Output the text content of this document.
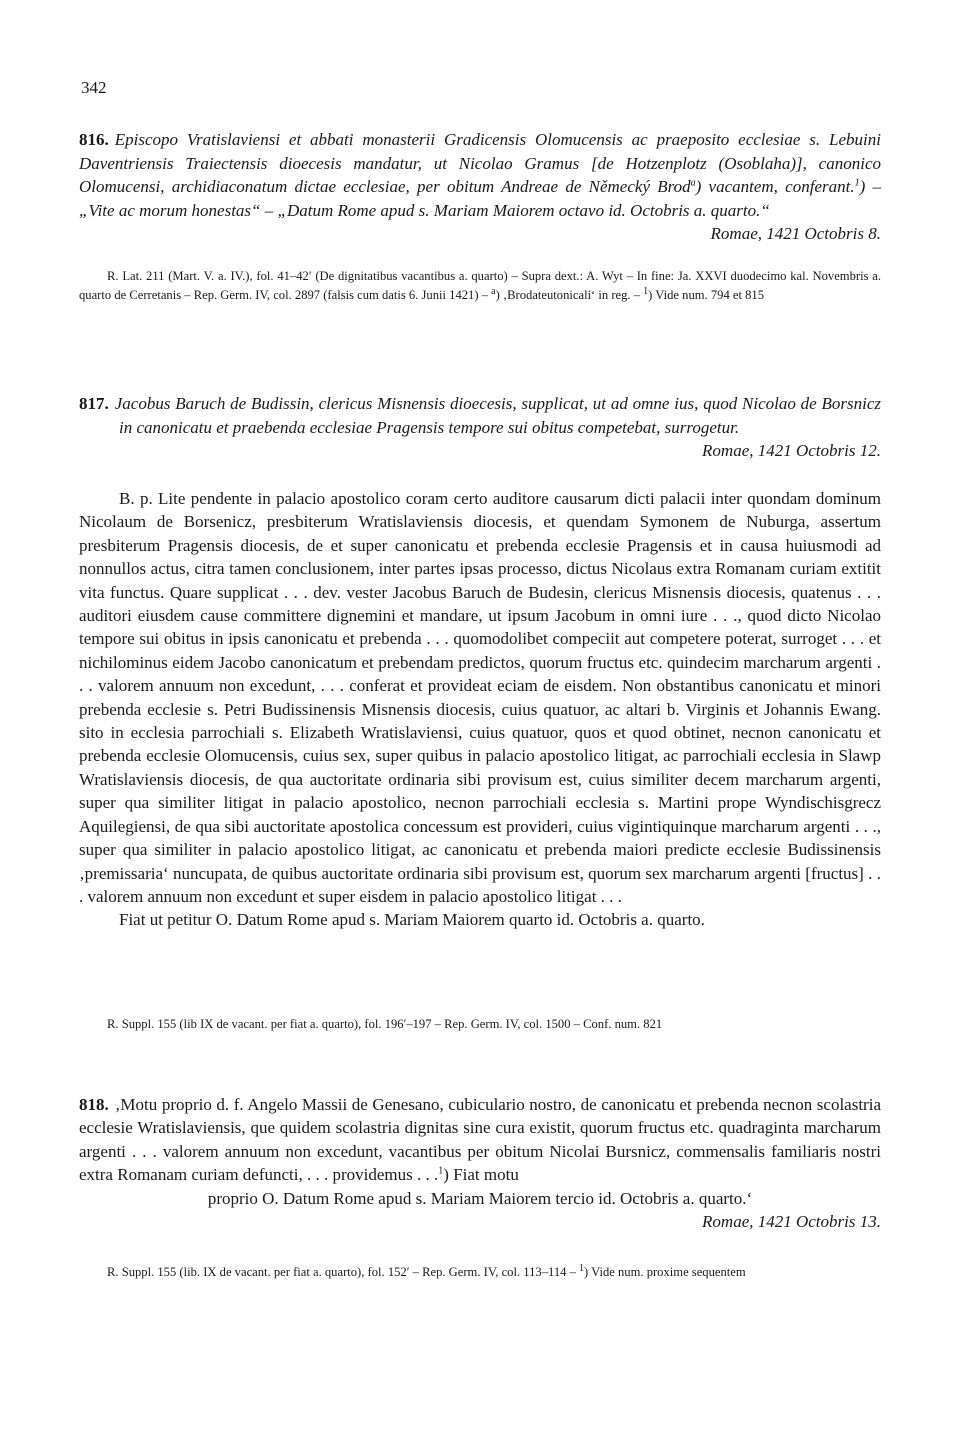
342
816. Episcopo Vratislaviensi et abbati monasterii Gradicensis Olomucensis ac praeposito ecclesiae s. Lebuini Daventriensis Traiectensis dioecesis mandatur, ut Nicolao Gramus [de Hotzenplotz (Osoblaha)], canonico Olomucensi, archidiaconatum dictae ecclesiae, per obitum Andreae de Německý Brod$^a$) vacantem, conferant.$^1$) – „Vite ac morum honestas“ – „Datum Rome apud s. Mariam Maiorem octavo id. Octobris a. quarto.“
Romae, 1421 Octobris 8.
R. Lat. 211 (Mart. V. a. IV.), fol. 41–42′ (De dignitatibus vacantibus a. quarto) – Supra dext.: A. Wyt – In fine: Ja. XXVI duodecimo kal. Novembris a. quarto de Cerretanis – Rep. Germ. IV, col. 2897 (falsis cum datis 6. Junii 1421) – $^a$) ‚Brodateutonicali‘ in reg. – $^1$) Vide num. 794 et 815
817. Jacobus Baruch de Budissin, clericus Misnensis dioecesis, supplicat, ut ad omne ius, quod Nicolao de Borsnicz in canonicatu et praebenda ecclesiae Pragensis tempore sui obitus competebat, surrogetur.
Romae, 1421 Octobris 12.

B. p. Lite pendente in palacio apostolico coram certo auditore causarum dicti palacii inter quondam dominum Nicolaum de Borsenicz, presbiterum Wratislaviensis diocesis, et quendam Symonem de Nuburga, assertum presbiterum Pragensis diocesis, de et super canonicatu et prebenda ecclesie Pragensis et in causa huiusmodi ad nonnullos actus, citra tamen conclusionem, inter partes ipsas processo, dictus Nicolaus extra Romanam curiam extitit vita functus. Quare supplicat . . . dev. vester Jacobus Baruch de Budesin, clericus Misnensis diocesis, quatenus . . . auditori eiusdem cause committere dignemini et mandare, ut ipsum Jacobum in omni iure . . ., quod dicto Nicolao tempore sui obitus in ipsis canonicatu et prebenda . . . quomodolibet compeciit aut competere poterat, surroget . . . et nichilominus eidem Jacobo canonicatum et prebendam predictos, quorum fructus etc. quindecim marcharum argenti . . . valorem annuum non excedunt, . . . conferat et provideat eciam de eisdem. Non obstantibus canonicatu et minori prebenda ecclesie s. Petri Budissinensis Misnensis diocesis, cuius quatuor, ac altari b. Virginis et Johannis Ewang. sito in ecclesia parrochiali s. Elizabeth Wratislaviensi, cuius quatuor, quos et quod obtinet, necnon canonicatu et prebenda ecclesie Olomucensis, cuius sex, super quibus in palacio apostolico litigat, ac parrochiali ecclesia in Slawp Wratislaviensis diocesis, de qua auctoritate ordinaria sibi provisum est, cuius similiter decem marcharum argenti, super qua similiter litigat in palacio apostolico, necnon parrochiali ecclesia s. Martini prope Wyndischisgrecz Aquilegiensi, de qua sibi auctoritate apostolica concessum est provideri, cuius vigintiquinque marcharum argenti . . ., super qua similiter in palacio apostolico litigat, ac canonicatu et prebenda maiori predicte ecclesie Budissinensis ‚premissaria‘ nuncupata, de quibus auctoritate ordinaria sibi provisum est, quorum sex marcharum argenti [fructus] . . . valorem annuum non excedunt et super eisdem in palacio apostolico litigat . . .

Fiat ut petitur O. Datum Rome apud s. Mariam Maiorem quarto id. Octobris a. quarto.

R. Suppl. 155 (lib IX de vacant. per fiat a. quarto), fol. 196′–197 – Rep. Germ. IV, col. 1500 – Conf. num. 821
818. ‚Motu proprio d. f. Angelo Massii de Genesano, cubiculario nostro, de canonicatu et prebenda necnon scolastria ecclesie Wratislaviensis, que quidem scolastria dignitas sine cura existit, quorum fructus etc. quadraginta marcharum argenti . . . valorem annuum non excedunt, vacantibus per obitum Nicolai Bursnicz, commensalis familiaris nostri extra Romanam curiam defuncti, . . . providemus . . .$^1$) Fiat motu

proprio O. Datum Rome apud s. Mariam Maiorem tercio id. Octobris a. quarto.‘

Romae, 1421 Octobris 13.
R. Suppl. 155 (lib. IX de vacant. per fiat a. quarto), fol. 152′ – Rep. Germ. IV, col. 113–114 – $^1$) Vide num. proxime sequentem
